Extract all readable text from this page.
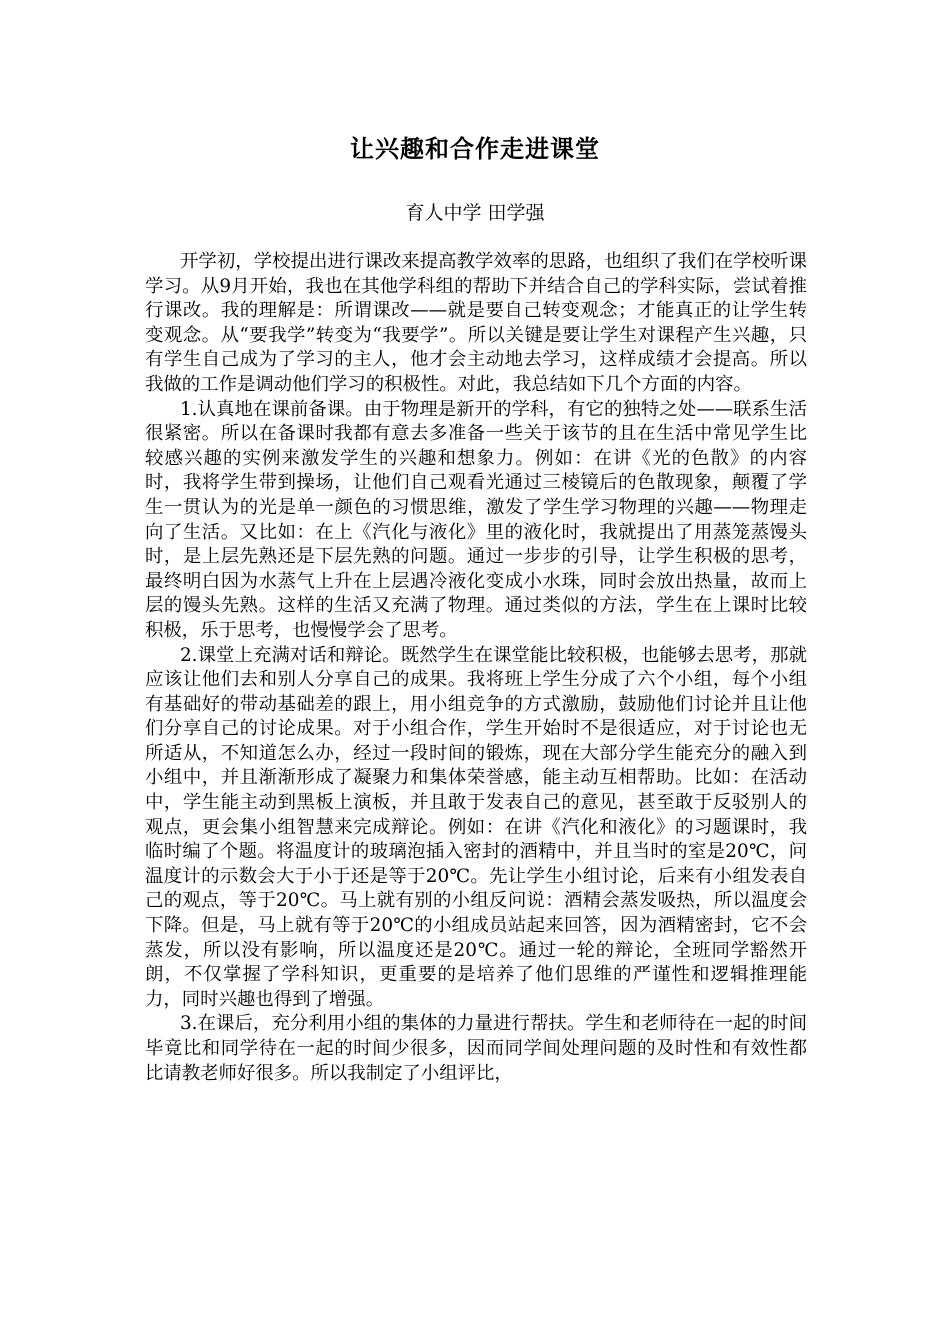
让兴趣和合作走进课堂
育人中学 田学强

开学初，学校提出进行课改来提高教学效率的思路，也组织了我们在学校听课学习。从9月开始，我也在其他学科组的帮助下并结合自己的学科实际，尝试着推行课改。我的理解是：所谓课改——就是要自己转变观念；才能真正的让学生转变观念。从“要我学”转变为“我要学”。所以关键是要让学生对课程产生兴趣，只有学生自己成为了学习的主人，他才会主动地去学习，这样成绩才会提高。所以我做的工作是调动他们学习的积极性。对此，我总结如下几个方面的内容。

1.认真地在课前备课。由于物理是新开的学科，有它的独特之处——联系生活很紧密。所以在备课时我都有意去多准备一些关于该节的且在生活中常见学生比较感兴趣的实例来激发学生的兴趣和想象力。例如：在讲《光的色散》的内容时，我将学生带到操场，让他们自己观看光通过三棱镜后的色散现象，颠覆了学生一贯认为的光是单一颜色的习惯思维，激发了学生学习物理的兴趣——物理走向了生活。又比如：在上《汽化与液化》里的液化时，我就提出了用蒸笼蒸馒头时，是上层先熟还是下层先熟的问题。通过一步步的引导，让学生积极的思考，最终明白因为水蒸气上升在上层遇冷液化变成小水珠，同时会放出热量，故而上层的馒头先熟。这样的生活又充满了物理。通过类似的方法，学生在上课时比较积极，乐于思考，也慢慢学会了思考。

2.课堂上充满对话和辩论。既然学生在课堂能比较积极，也能够去思考，那就应该让他们去和别人分享自己的成果。我将班上学生分成了六个小组，每个小组有基础好的带动基础差的跟上，用小组竞争的方式激励，鼓励他们讨论并且让他们分享自己的讨论成果。对于小组合作，学生开始时不是很适应，对于讨论也无所适从，不知道怎么办，经过一段时间的锻炼，现在大部分学生能充分的融入到小组中，并且渐渐形成了凝聚力和集体荣誉感，能主动互相帮助。比如：在活动中，学生能主动到黑板上演板，并且敢于发表自己的意见，甚至敢于反驳别人的观点，更会集小组智慧来完成辩论。例如：在讲《汽化和液化》的习题课时，我临时编了个题。将温度计的玻璃泡插入密封的酒精中，并且当时的室是20℃，问温度计的示数会大于小于还是等于20℃。先让学生小组讨论，后来有小组发表自己的观点，等于20℃。马上就有别的小组反问说：酒精会蒸发吸热，所以温度会下降。但是，马上就有等于20℃的小组成员站起来回答，因为酒精密封，它不会蒸发，所以没有影响，所以温度还是20℃。通过一轮的辩论，全班同学豁然开朗，不仅掌握了学科知识，更重要的是培养了他们思维的严谨性和逻辑推理能力，同时兴趣也得到了增强。

3.在课后，充分利用小组的集体的力量进行帮扶。学生和老师待在一起的时间毕竟比和同学待在一起的时间少很多，因而同学间处理问题的及时性和有效性都比请教老师好很多。所以我制定了小组评比，
